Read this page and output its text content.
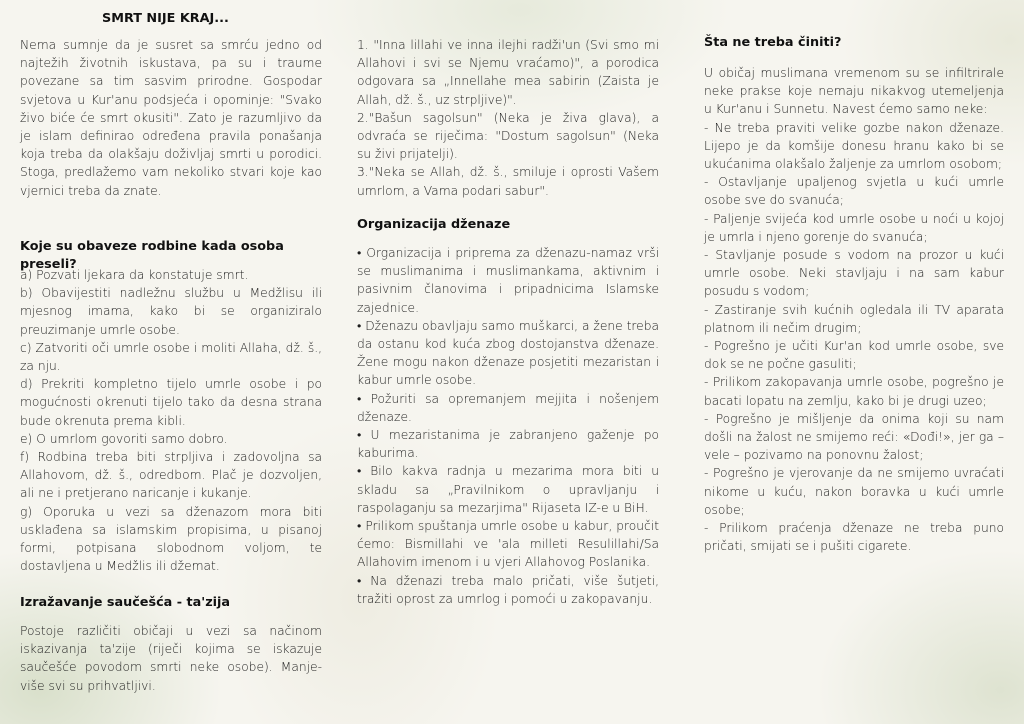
SMRT NIJE KRAJ...

Nema sumnje da je susret sa smrću jedno od najtežih životnih iskustava, pa su i traume povezane sa tim sasvim prirodne. Gospodar svjetova u Kur'anu podsjeća i opominje: "Svako živo biće će smrt okusiti". Zato je razumljivo da je islam definirao određena pravila ponašanja koja treba da olakšaju doživljaj smrti u porodici. Stoga, predlažemo vam nekoliko stvari koje kao vjernici treba da znate.

Koje su obaveze rodbine kada osoba preseli?

a) Pozvati ljekara da konstatuje smrt.

b) Obavijestiti nadležnu službu u Medžlisu ili mjesnog imama, kako bi se organiziralo preuzimanje umrle osobe.

c) Zatvoriti oči umrle osobe i moliti Allaha, dž. š., za nju.

d) Prekriti kompletno tijelo umrle osobe i po mogućnosti okrenuti tijelo tako da desna strana bude okrenuta prema kibli.

e) O umrlom govoriti samo dobro.

f) Rodbina treba biti strpljiva i zadovoljna sa Allahovom, dž. š., odredbom. Plač je dozvoljen, ali ne i pretjerano naricanje i kukanje.

g) Oporuka u vezi sa dženazom mora biti usklađena sa islamskim propisima, u pisanoj formi, potpisana slobodnom voljom, te dostavljena u Medžlis ili džemat.

Izražavanje saučešća - ta'zija

Postoje različiti običaji u vezi sa načinom iskazivanja ta'zije (riječi kojima se iskazuje saučešće povodom smrti neke osobe). Manje-više svi su prihvatljivi.

1. "Inna lillahi ve inna ilejhi radži'un (Svi smo mi Allahovi i svi se Njemu vraćamo)", a porodica odgovara sa „Innellahe mea sabirin (Zaista je Allah, dž. š., uz strpljive)".

2."Bašun sagolsun" (Neka je živa glava), a odvraća se riječima: "Dostum sagolsun" (Neka su živi prijatelji).

3."Neka se Allah, dž. š., smiluje i oprosti Vašem umrlom, a Vama podari sabur".

Organizacija dženaze

• Organizacija i priprema za dženazu-namaz vrši se muslimanima i muslimankama, aktivnim i pasivnim članovima i pripadnicima Islamske zajednice.

• Dženazu obavljaju samo muškarci, a žene treba da ostanu kod kuća zbog dostojanstva dženaze. Žene mogu nakon dženaze posjetiti mezaristan i kabur umrle osobe.

• Požuriti sa opremanjem mejjita i nošenjem dženaze.

• U mezaristanima je zabranjeno gaženje po kaburima.

• Bilo kakva radnja u mezarima mora biti u skladu sa „Pravilnikom o upravljanju i raspolaganju sa mezarjima" Rijaseta IZ-e u BiH.

• Prilikom spuštanja umrle osobe u kabur, proučit ćemo: Bismillahi ve 'ala milleti Resulillahi/Sa Allahovim imenom i u vjeri Allahovog Poslanika.

• Na dženazi treba malo pričati, više šutjeti, tražiti oprost za umrlog i pomoći u zakopavanju.

Šta ne treba činiti?

U običaj muslimana vremenom su se infiltrirale neke prakse koje nemaju nikakvog utemeljenja u Kur'anu i Sunnetu. Navest ćemo samo neke:

- Ne treba praviti velike gozbe nakon dženaze. Lijepo je da komšije donesu hranu kako bi se ukućanima olakšalo žaljenje za umrlom osobom;

- Ostavljanje upaljenog svjetla u kući umrle osobe sve do svanuća;

- Paljenje svijeća kod umrle osobe u noći u kojoj je umrla i njeno gorenje do svanuća;

- Stavljanje posude s vodom na prozor u kući umrle osobe. Neki stavljaju i na sam kabur posudu s vodom;

- Zastiranje svih kućnih ogledala ili TV aparata platnom ili nečim drugim;

- Pogrešno je učiti Kur'an kod umrle osobe, sve dok se ne počne gasuliti;

- Prilikom zakopavanja umrle osobe, pogrešno je bacati lopatu na zemlju, kako bi je drugi uzeo;

- Pogrešno je mišljenje da onima koji su nam došli na žalost ne smijemo reći: «Dođi!», jer ga – vele – pozivamo na ponovnu žalost;

- Pogrešno je vjerovanje da ne smijemo uvraćati nikome u kuću, nakon boravka u kući umrle osobe;

- Prilikom praćenja dženaze ne treba puno pričati, smijati se i pušiti cigarete.
